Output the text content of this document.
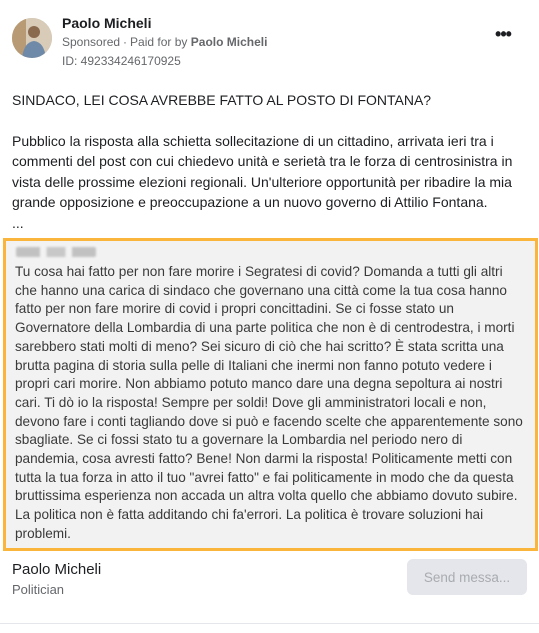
Paolo Micheli
Sponsored · Paid for by Paolo Micheli
ID: 492334246170925
•••

SINDACO, LEI COSA AVREBBE FATTO AL POSTO DI FONTANA?

Pubblico la risposta alla schietta sollecitazione di un cittadino, arrivata ieri tra i commenti del post con cui chiedevo unità e serietà tra le forza di centrosinistra in vista delle prossime elezioni regionali. Un'ulteriore opportunità per ribadire la mia grande opposizione e preoccupazione a un nuovo governo di Attilio Fontana.

...

Tu cosa hai fatto per non fare morire i Segratesi di covid? Domanda a tutti gli altri che hanno una carica di sindaco che governano una città come la tua cosa hanno fatto per non fare morire di covid i propri concittadini. Se ci fosse stato un Governatore della Lombardia di una parte politica che non è di centrodestra, i morti sarebbero stati molti di meno? Sei sicuro di ciò che hai scritto? È stata scritta una brutta pagina di storia sulla pelle di Italiani che inermi non fanno potuto vedere i propri cari morire. Non abbiamo potuto manco dare una degna sepoltura ai nostri cari. Ti dò io la risposta! Sempre per soldi! Dove gli amministratori locali e non, devono fare i conti tagliando dove si può e facendo scelte che apparentemente sono sbagliate. Se ci fossi stato tu a governare la Lombardia nel periodo nero di pandemia, cosa avresti fatto? Bene! Non darmi la risposta! Politicamente metti con tutta la tua forza in atto il tuo "avrei fatto" e fai politicamente in modo che da questa bruttissima esperienza non accada un altra volta quello che abbiamo dovuto subire. La politica non è fatta additando chi fa'errori. La politica è trovare soluzioni hai problemi.
Paolo Micheli
Politician
Send messa...
